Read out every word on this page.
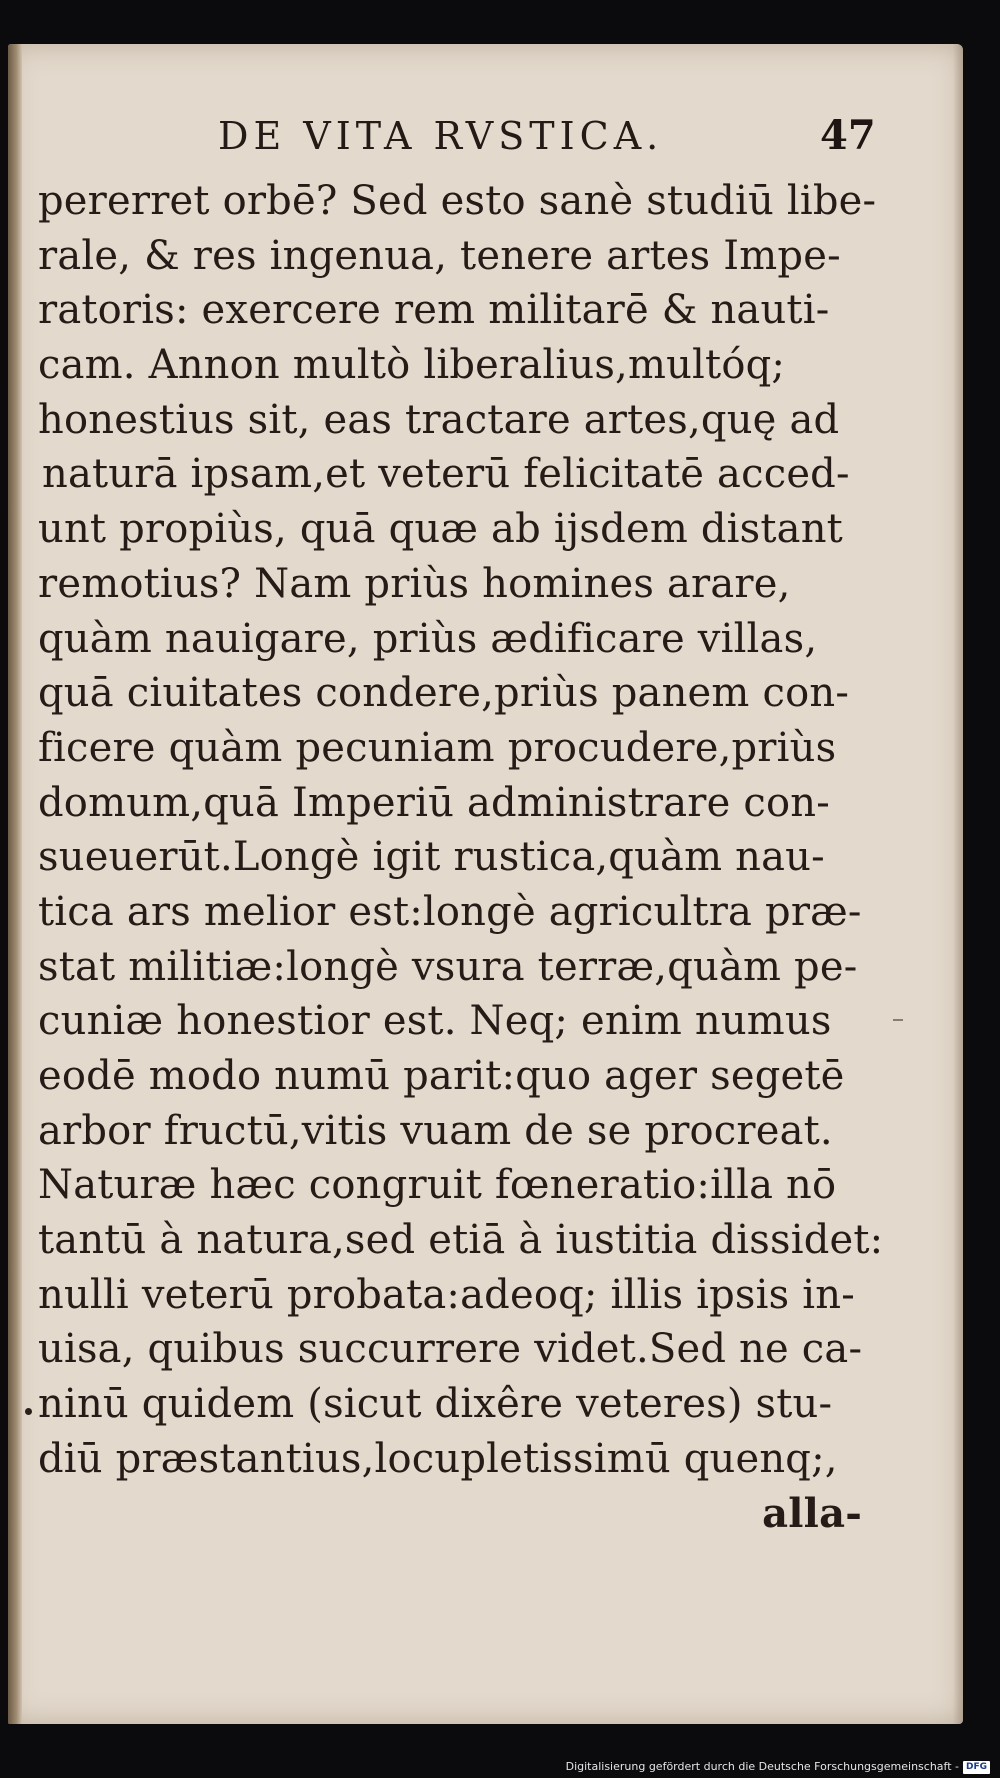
DE VITA RVSTICA.	47
pererret orbē? Sed esto sanè studiū libe-
rale, & res ingenua, tenere artes Impe-
ratoris: exercere rem militarē & nauti-
cam. Annon multò liberalius,multóq;
honestius sit, eas tractare artes,quę ad
naturā ipsam,et veterū felicitatē acced-
unt propiùs, quā quæ ab ijsdem distant
remotius? Nam priùs homines arare,
quàm nauigare, priùs ædificare villas,
quā ciuitates condere,priùs panem con-
ficere quàm pecuniam procudere,priùs
domum,quā Imperiū administrare con-
sueuerūt.Longè igit rustica,quàm nau-
tica ars melior est:longè agricultra præ-
stat militiæ:longè vsura terræ,quàm pe-
cuniæ honestior est. Neq; enim numus
eodē modo numū parit:quo ager segetē
arbor fructū,vitis vuam de se procreat.
Naturæ hæc congruit fœneratio:illa nō
tantū à natura,sed etiā à iustitia dissidet:
nulli veterū probata:adeoq; illis ipsis in-
uisa, quibus succurrere videt.Sed ne ca-
ninū quidem (sicut dixêre veteres) stu-
diū præstantius,locupletissimū quenq;,
alla-
Digitalisierung gefördert durch die Deutsche Forschungsgemeinschaft - DFG
